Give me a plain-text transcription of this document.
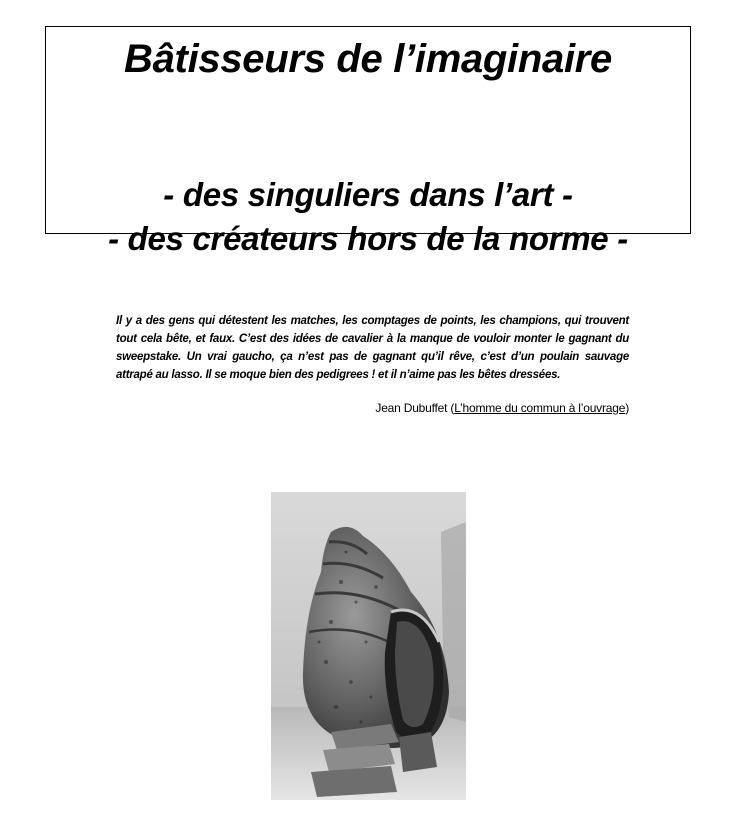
Bâtisseurs de l’imaginaire
- des singuliers dans l’art -
- des créateurs hors de la norme -
Il y a des gens qui détestent les matches, les comptages de points, les champions, qui trouvent tout cela bête, et faux. C’est des idées de cavalier à la manque de vouloir monter le gagnant du sweepstake. Un vrai gaucho, ça n’est pas de gagnant qu’il rêve, c’est d’un poulain sauvage attrapé au lasso. Il se moque bien des pedigrees ! et il n’aime pas les bêtes dressées.
Jean Dubuffet (L’homme du commun à l’ouvrage)
